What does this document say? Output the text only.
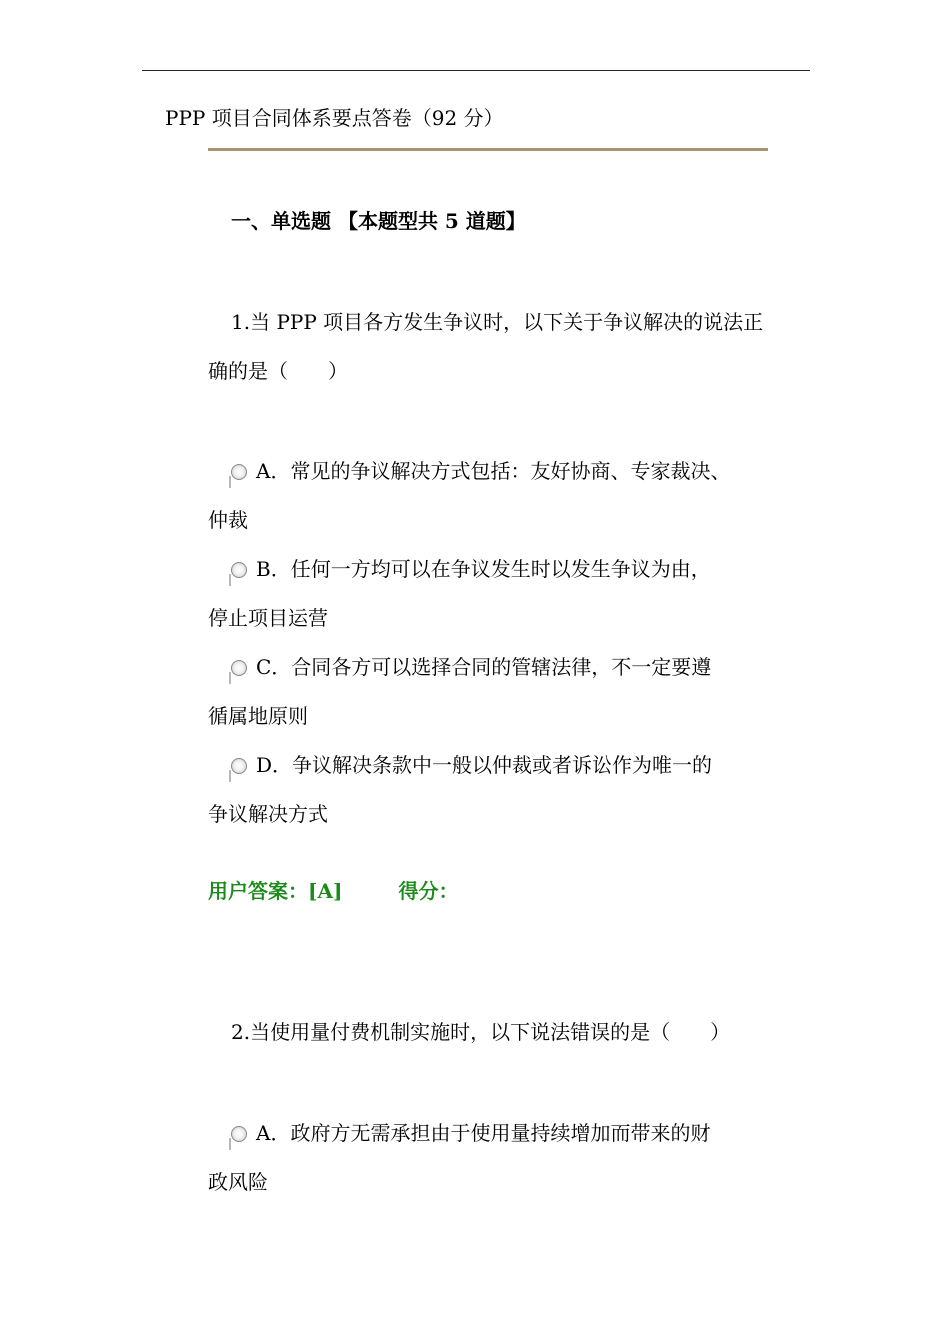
PPP 项目合同体系要点答卷（92 分）
一、单选题 【本题型共 5 道题】
1.当 PPP 项目各方发生争议时，以下关于争议解决的说法正确的是（　　）
A．常见的争议解决方式包括：友好协商、专家裁决、
仲裁
B．任何一方均可以在争议发生时以发生争议为由，
停止项目运营
C．合同各方可以选择合同的管辖法律，不一定要遵
循属地原则
D．争议解决条款中一般以仲裁或者诉讼作为唯一的
争议解决方式
用户答案：[A]	得分：
2.当使用量付费机制实施时，以下说法错误的是（　　）
A．政府方无需承担由于使用量持续增加而带来的财
政风险
